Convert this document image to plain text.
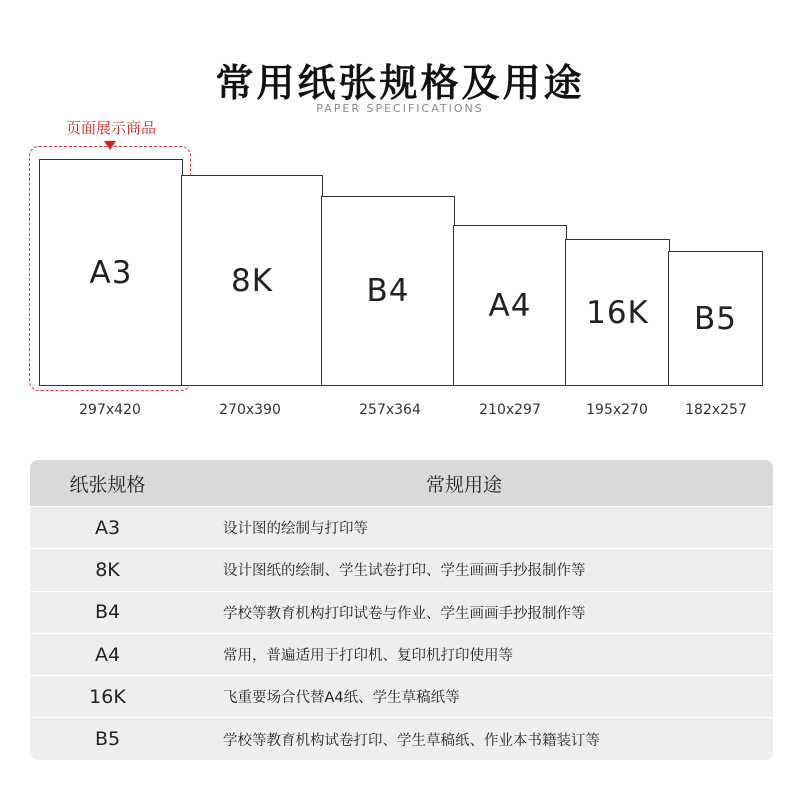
常用纸张规格及用途
PAPER SPECIFICATIONS
页面展示商品
A3	8K	B4	A4 16K B5
297x420	270x390	257x364	210x297	195x270	182x257
纸张规格	常规用途
A3	设计图的绘制与打印等
8K	设计图纸的绘制、学生试卷打印、学生画画手抄报制作等
B4	学校等教育机构打印试卷与作业、学生画画手抄报制作等
A4	常用，普遍适用于打印机、复印机打印使用等
16K	飞重要场合代替A4纸、学生草稿纸等
B5	学校等教育机构试卷打印、学生草稿纸、作业本书籍装订等
